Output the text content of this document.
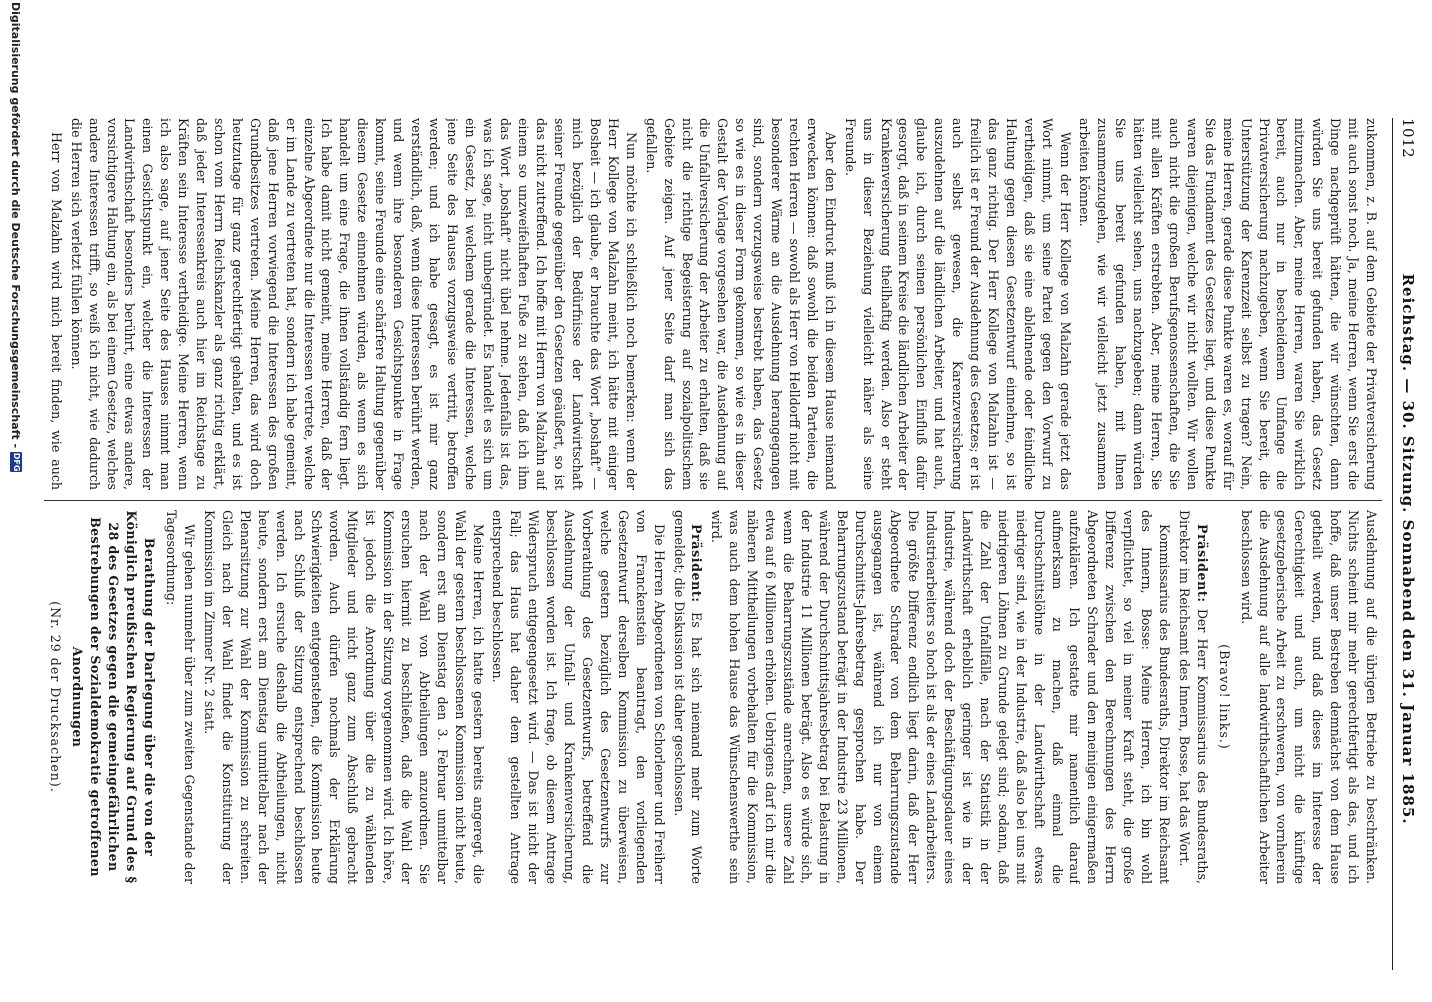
1012
Reichstag. — 30. Sitzung. Sonnabend den 31. Januar 1885.

zukommen, z. B. auf dem Gebiete der Privatversicherung mit auch sonst noch. Ja, meine Herren, wenn Sie erst die Dinge nachgeprüft hätten, die wir wünschten, dann würden Sie uns bereit gefunden haben, das Gesetz mitzumachen. Aber, meine Herren, waren Sie wirklich bereit, auch nur in bescheidenem Umfange die Privatversicherung nachzugeben, wenn Sie bereit, die Unterstützung der Karenzzeit selbst zu tragen? Nein, meine Herren, gerade diese Punkte waren es, worauf für Sie das Fundament des Gesetzes liegt, und diese Punkte waren diejenigen, welche wir nicht wollten. Wir wollen auch nicht die großen Berufsgenossenschaften, die Sie mit allen Kräften erstrebten. Aber, meine Herren, Sie hätten vielleicht sehen, uns nachzugeben; dann würden Sie uns bereit gefunden haben, mit Ihnen zusammenzugehen, wie wir vielleicht jetzt zusammen arbeiten können.

Wenn der Herr Kollege von Malzahn gerade jetzt das Wort nimmt, um seine Partei gegen den Vorwurf zu vertheidigen, daß sie eine ablehnende oder feindliche Haltung gegen diesen Gesetzentwurf einnehme, so ist das ganz richtig. Der Herr Kollege von Malzahn ist — freilich ist er Freund der Ausdehnung des Gesetzes; er ist auch selbst gewesen, die Karenzversicherung auszudehnen auf die ländlichen Arbeiter, und hat auch, glaube ich, durch seinen persönlichen Einfluß dafür gesorgt, daß in seinem Kreise die ländlichen Arbeiter der Krankenversicherung theilhaftig werden. Also er steht uns in dieser Beziehung vielleicht näher als seine Freunde.

Aber den Eindruck muß ich in diesem Hause niemand erwecken können: daß sowohl die beiden Parteien, die rechten Herren — sowohl als Herr von Helldorff nicht mit besonderer Wärme an die Ausdehnung herangegangen sind, sondern vorzugsweise bestrebt haben, das Gesetz so wie es in dieser Form gekommen, so wie es in dieser Gestalt der Vorlage vorgesehen war, die Ausdehnung auf die Unfallversicherung der Arbeiter zu erhalten, daß sie nicht die richtige Begeisterung auf sozialpolitischem Gebiete zeigen. Auf jener Seite darf man sich das gefallen.

Nun möchte ich schließlich noch bemerken: wenn der Herr Kollege von Malzahn meint, ich hätte mit einiger Bosheit — ich glaube, er brauchte das Wort „boshaft“ — mich bezüglich der Bedürfnisse der Landwirtschaft seiner Freunde gegenüber den Gesetzen geäußert, so ist das nicht zutreffend. Ich hoffe mit Herrn von Malzahn auf einem so unzweifelhaften Fuße zu stehen, daß ich ihm das Wort „boshaft“ nicht übel nehme. Jedenfalls ist das, was ich sage, nicht unbegründet. Es handelt es sich um ein Gesetz, bei welchem gerade die Interessen, welche jene Seite des Hauses vorzugsweise vertritt, betroffen werden; und ich habe gesagt, es ist mir ganz verständlich, daß, wenn diese Interessen berührt werden, und wenn ihre besonderen Gesichtspunkte in Frage kommt, seine Freunde eine schärfere Haltung gegenüber diesem Gesetze einnehmen würden, als wenn es sich handelt um eine Frage, die ihnen vollständig fern liegt. Ich habe damit nicht gemeint, meine Herren, daß der einzelne Abgeordnete nur die Interessen vertrete, welche er im Lande zu vertreten hat, sondern ich habe gemeint, daß jene Herren vorwiegend die Interessen des großen Grundbesitzes vertreten. Meine Herren, das wird doch heutzutage für ganz gerechtfertigt gehalten, und es ist schon vom Herrn Reichskanzler als ganz richtig erklärt, daß jeder Interessenkreis auch hier im Reichstage zu Kräften sein Interesse vertheidige. Meine Herren, wenn ich also sage, auf jener Seite des Hauses nimmt man einen Gesichtspunkt ein, welcher die Interessen der Landwirthschaft besonders berührt, eine etwas andere, vorsichtigere Haltung ein, als bei einem Gesetze, welches andere Interessen trifft, so weiß ich nicht, wie dadurch die Herren sich verletzt fühlen können.

Herr von Malzahn wird mich bereit finden, wie auch

Ausdehnung auf die übrigen Betriebe zu beschränken. Nichts scheint mir mehr gerechtfertigt als das, und ich hoffe, daß unser Bestreben demnächst von dem Hause getheilt werden, und daß dieses im Interesse der Gerechtigkeit und auch, um nicht die künftige gesetzgeberische Arbeit zu erschweren, von vornherein die Ausdehnung auf alle landwirthschaftlichen Arbeiter beschlossen wird.

(Bravo! links.)

Präsident: Der Herr Kommissarius des Bundesraths, Direktor im Reichsamt des Innern, Bosse, hat das Wort.

Kommissarius des Bundesraths, Direktor im Reichsamt des Innern, Bosse: Meine Herren, ich bin wohl verpflichtet, so viel in meiner Kraft steht, die große Differenz zwischen den Berechnungen des Herrn Abgeordneten Schrader und den meinigen einigermaßen aufzuklären. Ich gestatte mir namentlich darauf aufmerksam zu machen, daß einmal die Durchschnittslöhne in der Landwirthschaft etwas niedriger sind, wie in der Industrie, daß also bei uns mit niedrigeren Löhnen zu Grunde gelegt sind; sodann, daß die Zahl der Unfallfälle, nach der Statistik in der Landwirthschaft erheblich geringer ist wie in der Industrie, während doch der Beschäftigungsdauer eines Industriearbeiters so hoch ist als der eines Landarbeiters. Die größte Differenz endlich liegt darin, daß der Herr Abgeordnete Schrader von dem Beharrungszustande ausgegangen ist, während ich nur von einem Durchschnitts-Jahresbetrag gesprochen habe. Der Beharrungszustand beträgt in der Industrie 23 Millionen, während der Durchschnittsjahresbetrag bei Belastung in der Industrie 11 Millionen beträgt. Also es würde sich, wenn die Beharrungszustände anrechnen, unsere Zahl etwa auf 6 Millionen erhöhen. Uebrigens darf ich mir die näheren Mittheilungen vorbehalten für die Kommission, was auch dem hohen Hause das Wünschenswerthe sein wird.

Präsident: Es hat sich niemand mehr zum Worte gemeldet; die Diskussion ist daher geschlossen.

Die Herren Abgeordneten von Schorlemer und Freiherr von Franckenstein beantragt, den vorliegenden Gesetzentwurf derselben Kommission zu überweisen, welche gestern bezüglich des Gesetzentwurfs zur Vorberathung des Gesetzentwurfs, betreffend die Ausdehnung der Unfall- und Krankenversicherung, beschlossen worden ist. Ich frage, ob diesem Antrage Widerspruch entgegengesetzt wird. — Das ist nicht der Fall; das Haus hat daher dem gestellten Antrage entsprechend beschlossen.

Meine Herren, ich hatte gestern bereits angeregt, die Wahl der gestern beschlossenen Kommission nicht heute, sondern erst am Dienstag den 3. Februar unmittelbar nach der Wahl von Abtheilungen anzuordnen. Sie ersuchen hiermit zu beschließen, daß die Wahl der Kommission in der Sitzung vorgenommen wird. Ich höre, ist jedoch die Anordnung über die zu wählenden Mitglieder und nicht ganz zum Abschluß gebracht worden. Auch dürfen nochmals der Erklärung Schwierigkeiten entgegenstehen, die Kommission heute nach Schluß der Sitzung entsprechend beschlossen werden. Ich ersuche deshalb die Abtheilungen, nicht heute, sondern erst am Dienstag unmittelbar nach der Plenarsitzung zur Wahl der Kommission zu schreiten. Gleich nach der Wahl findet die Konstituirung der Kommission im Zimmer Nr. 2 statt.

Wir gehen nunmehr über zum zweiten Gegenstande der Tagesordnung:

Berathung der Darlegung über die von der Königlich preußischen Regierung auf Grund des § 28 des Gesetzes gegen die gemeingefährlichen Bestrebungen der Sozialdemokratie getroffenen Anordnungen

(Nr. 29 der Drucksachen).

Digitalisierung gefördert durch die Deutsche Forschungsgemeinschaft -
DFG
